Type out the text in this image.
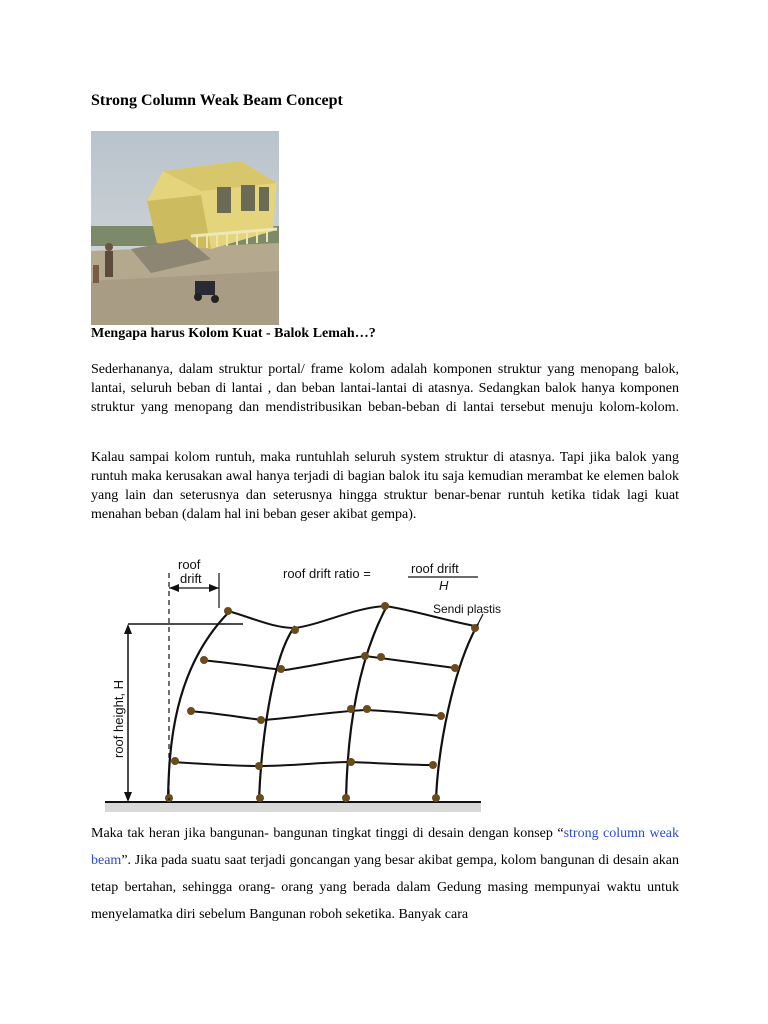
Strong Column Weak Beam Concept
Mengapa harus Kolom Kuat - Balok Lemah…?

Sederhananya, dalam struktur portal/ frame kolom adalah komponen struktur yang menopang balok, lantai, seluruh beban di lantai , dan beban lantai-lantai di atasnya. Sedangkan balok hanya komponen struktur yang menopang dan mendistribusikan beban-beban di lantai tersebut menuju kolom-kolom.

Kalau sampai kolom runtuh, maka runtuhlah seluruh system struktur di atasnya. Tapi jika balok yang runtuh maka kerusakan awal hanya terjadi di bagian balok itu saja kemudian merambat ke elemen balok yang lain dan seterusnya dan seterusnya hingga struktur benar-benar runtuh ketika tidak lagi kuat menahan beban (dalam hal ini beban geser akibat gempa).

roof
drift	roof drift ratio =	roof drift
H
Sendi plastis
roof height, H

Maka tak heran jika bangunan- bangunan tingkat tinggi di desain dengan konsep “strong column weak beam”. Jika pada suatu saat terjadi goncangan yang besar akibat gempa, kolom bangunan di desain akan tetap bertahan, sehingga orang- orang yang berada dalam Gedung masing mempunyai waktu untuk menyelamatka diri sebelum Bangunan roboh seketika. Banyak cara
